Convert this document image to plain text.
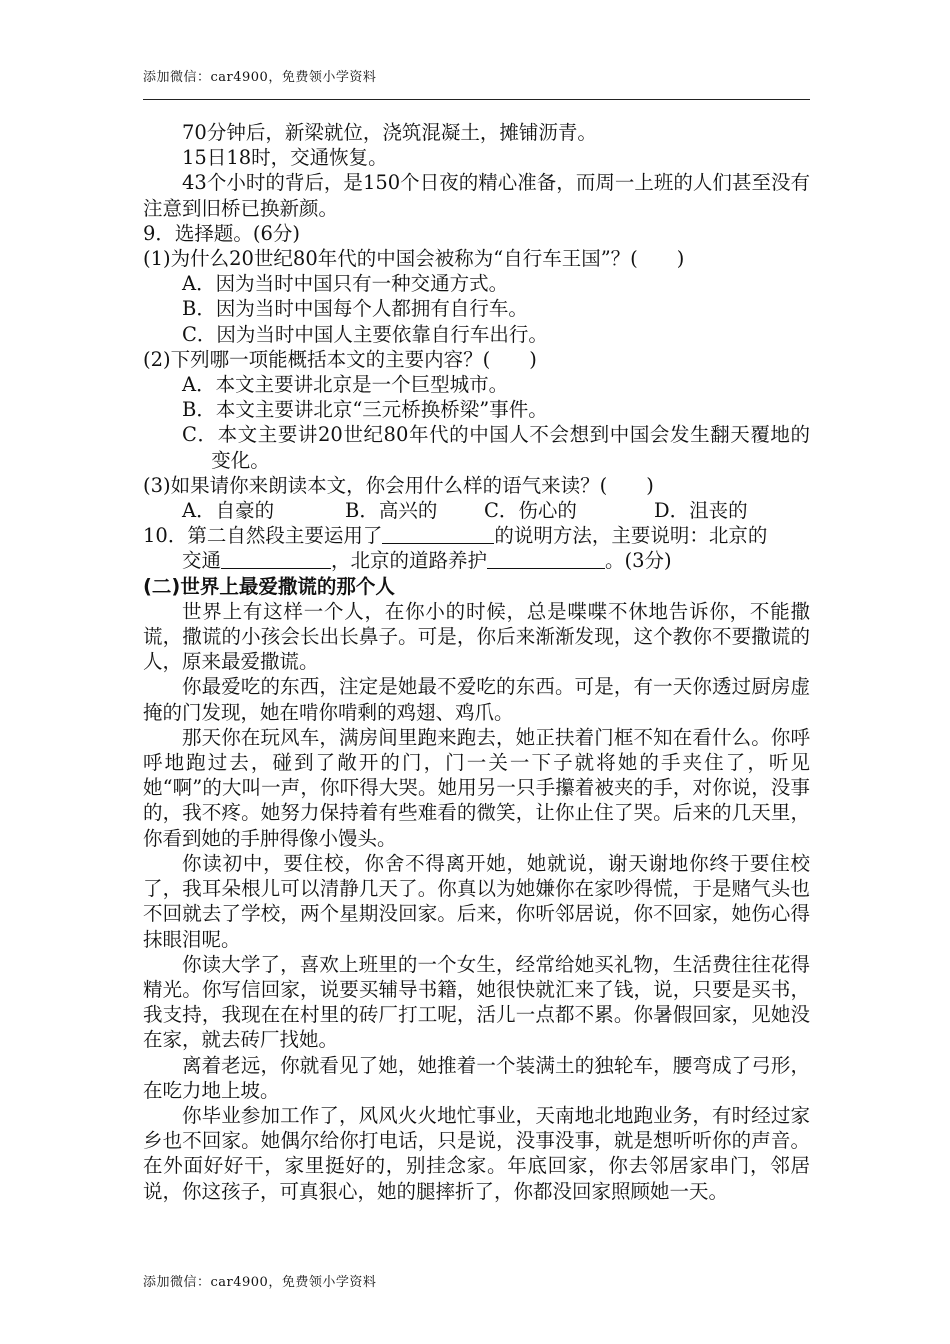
添加微信：car4900，免费领小学资料

70分钟后，新梁就位，浇筑混凝土，摊铺沥青。

15日18时，交通恢复。

43个小时的背后，是150个日夜的精心准备，而周一上班的人们甚至没有注意到旧桥已换新颜。

9．选择题。(6分)

(1)为什么20世纪80年代的中国会被称为“自行车王国”？(　　)

A．因为当时中国只有一种交通方式。

B．因为当时中国每个人都拥有自行车。

C．因为当时中国人主要依靠自行车出行。

(2)下列哪一项能概括本文的主要内容？(　　)

A．本文主要讲北京是一个巨型城市。

B．本文主要讲北京“三元桥换桥梁”事件。

C．本文主要讲20世纪80年代的中国人不会想到中国会发生翻天覆地的变化。

(3)如果请你来朗读本文，你会用什么样的语气来读？(　　)

A．自豪的	B．高兴的	C．伤心的	D．沮丧的

10．第二自然段主要运用了	的说明方法，主要说明：北京的

交通	，北京的道路养护	。(3分)

(二)世界上最爱撒谎的那个人

世界上有这样一个人，在你小的时候，总是喋喋不休地告诉你，不能撒谎，撒谎的小孩会长出长鼻子。可是，你后来渐渐发现，这个教你不要撒谎的人，原来最爱撒谎。

你最爱吃的东西，注定是她最不爱吃的东西。可是，有一天你透过厨房虚掩的门发现，她在啃你啃剩的鸡翅、鸡爪。

那天你在玩风车，满房间里跑来跑去，她正扶着门框不知在看什么。你呼呼地跑过去，碰到了敞开的门，门一关一下子就将她的手夹住了，听见她“啊”的大叫一声，你吓得大哭。她用另一只手攥着被夹的手，对你说，没事的，我不疼。她努力保持着有些难看的微笑，让你止住了哭。后来的几天里，你看到她的手肿得像小馒头。

你读初中，要住校，你舍不得离开她，她就说，谢天谢地你终于要住校了，我耳朵根儿可以清静几天了。你真以为她嫌你在家吵得慌，于是赌气头也不回就去了学校，两个星期没回家。后来，你听邻居说，你不回家，她伤心得抹眼泪呢。

你读大学了，喜欢上班里的一个女生，经常给她买礼物，生活费往往花得精光。你写信回家，说要买辅导书籍，她很快就汇来了钱，说，只要是买书，我支持，我现在在村里的砖厂打工呢，活儿一点都不累。你暑假回家，见她没在家，就去砖厂找她。

离着老远，你就看见了她，她推着一个装满土的独轮车，腰弯成了弓形，在吃力地上坡。

你毕业参加工作了，风风火火地忙事业，天南地北地跑业务，有时经过家乡也不回家。她偶尔给你打电话，只是说，没事没事，就是想听听你的声音。在外面好好干，家里挺好的，别挂念家。年底回家，你去邻居家串门，邻居说，你这孩子，可真狠心，她的腿摔折了，你都没回家照顾她一天。

添加微信：car4900，免费领小学资料
